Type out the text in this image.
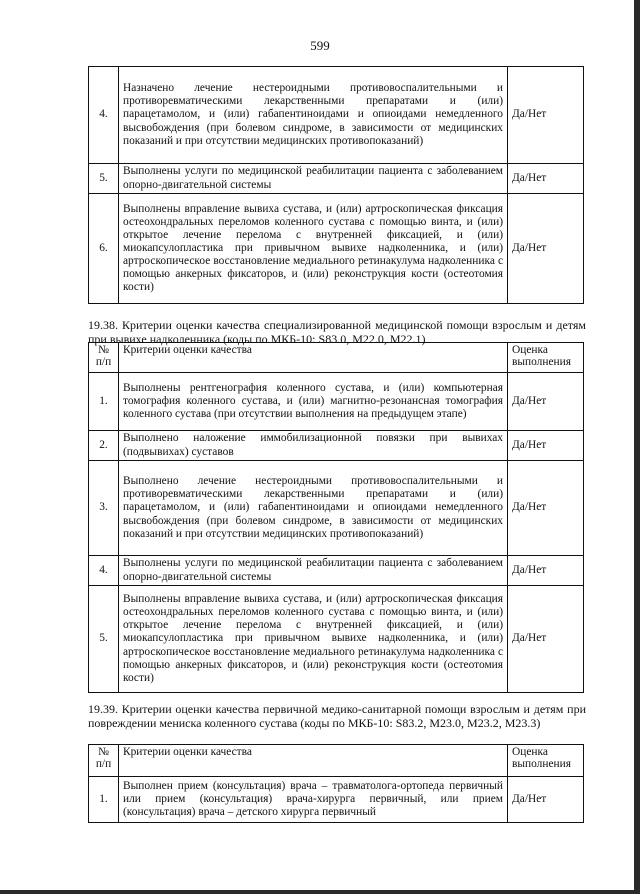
599
4.	Назначено лечение нестероидными противовоспалительными и противоревматическими лекарственными препаратами и (или) парацетамолом, и (или) габапентиноидами и опиоидами немедленного высвобождения (при болевом синдроме, в зависимости от медицинских показаний и при отсутствии медицинских противопоказаний)	Да/Нет
5.	Выполнены услуги по медицинской реабилитации пациента с заболеванием опорно-двигательной системы	Да/Нет
6.	Выполнены вправление вывиха сустава, и (или) артроскопическая фиксация остеохондральных переломов коленного сустава с помощью винта, и (или) открытое лечение перелома с внутренней фиксацией, и (или) миокапсулопластика при привычном вывихе надколенника, и (или) артроскопическое восстановление медиального ретинакулума надколенника с помощью анкерных фиксаторов, и (или) реконструкция кости (остеотомия кости)	Да/Нет
19.38. Критерии оценки качества специализированной медицинской помощи взрослым и детям при вывихе надколенника (коды по МКБ-10: S83.0, M22.0, M22.1)
№ п/п	Критерии оценки качества	Оценка выполнения
1.	Выполнены рентгенография коленного сустава, и (или) компьютерная томография коленного сустава, и (или) магнитно-резонансная томография коленного сустава (при отсутствии выполнения на предыдущем этапе)	Да/Нет
2.	Выполнено наложение иммобилизационной повязки при вывихах (подвывихах) суставов	Да/Нет
3.	Выполнено лечение нестероидными противовоспалительными и противоревматическими лекарственными препаратами и (или) парацетамолом, и (или) габапентиноидами и опиоидами немедленного высвобождения (при болевом синдроме, в зависимости от медицинских показаний и при отсутствии медицинских противопоказаний)	Да/Нет
4.	Выполнены услуги по медицинской реабилитации пациента с заболеванием опорно-двигательной системы	Да/Нет
5.	Выполнены вправление вывиха сустава, и (или) артроскопическая фиксация остеохондральных переломов коленного сустава с помощью винта, и (или) открытое лечение перелома с внутренней фиксацией, и (или) миокапсулопластика при привычном вывихе надколенника, и (или) артроскопическое восстановление медиального ретинакулума надколенника с помощью анкерных фиксаторов, и (или) реконструкция кости (остеотомия кости)	Да/Нет
19.39. Критерии оценки качества первичной медико-санитарной помощи взрослым и детям при повреждении мениска коленного сустава (коды по МКБ-10: S83.2, M23.0, M23.2, M23.3)
№ п/п	Критерии оценки качества	Оценка выполнения
1.	Выполнен прием (консультация) врача – травматолога-ортопеда первичный или прием (консультация) врача-хирурга первичный, или прием (консультация) врача – детского хирурга первичный	Да/Нет
